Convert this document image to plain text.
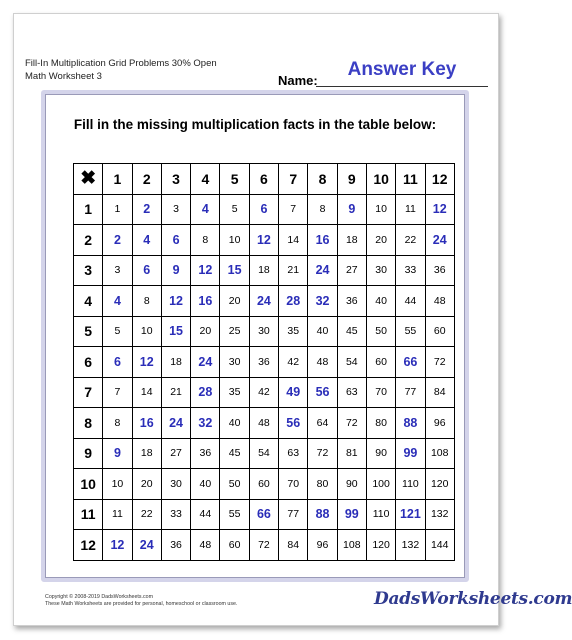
Fill-In Multiplication Grid Problems 30% Open
Math Worksheet 3	Name:
Answer Key
Fill in the missing multiplication facts in the table below:
✖	1	2	3	4	5	6	7	8	9	10	11	12
1	1	2	3	4	5	6	7	8	9	10	11	12
2	2	4	6	8	10	12	14	16	18	20	22	24
3	3	6	9	12	15	18	21	24	27	30	33	36
4	4	8	12	16	20	24	28	32	36	40	44	48
5	5	10	15	20	25	30	35	40	45	50	55	60
6	6	12	18	24	30	36	42	48	54	60	66	72
7	7	14	21	28	35	42	49	56	63	70	77	84
8	8	16	24	32	40	48	56	64	72	80	88	96
9	9	18	27	36	45	54	63	72	81	90	99	108
10	10	20	30	40	50	60	70	80	90	100	110	120
11	11	22	33	44	55	66	77	88	99	110	121	132
12	12	24	36	48	60	72	84	96	108	120	132	144
Copyright © 2008-2019 DadsWorksheets.com
These Math Worksheets are provided for personal, homeschool or classroom use.	DadsWorksheets.com
